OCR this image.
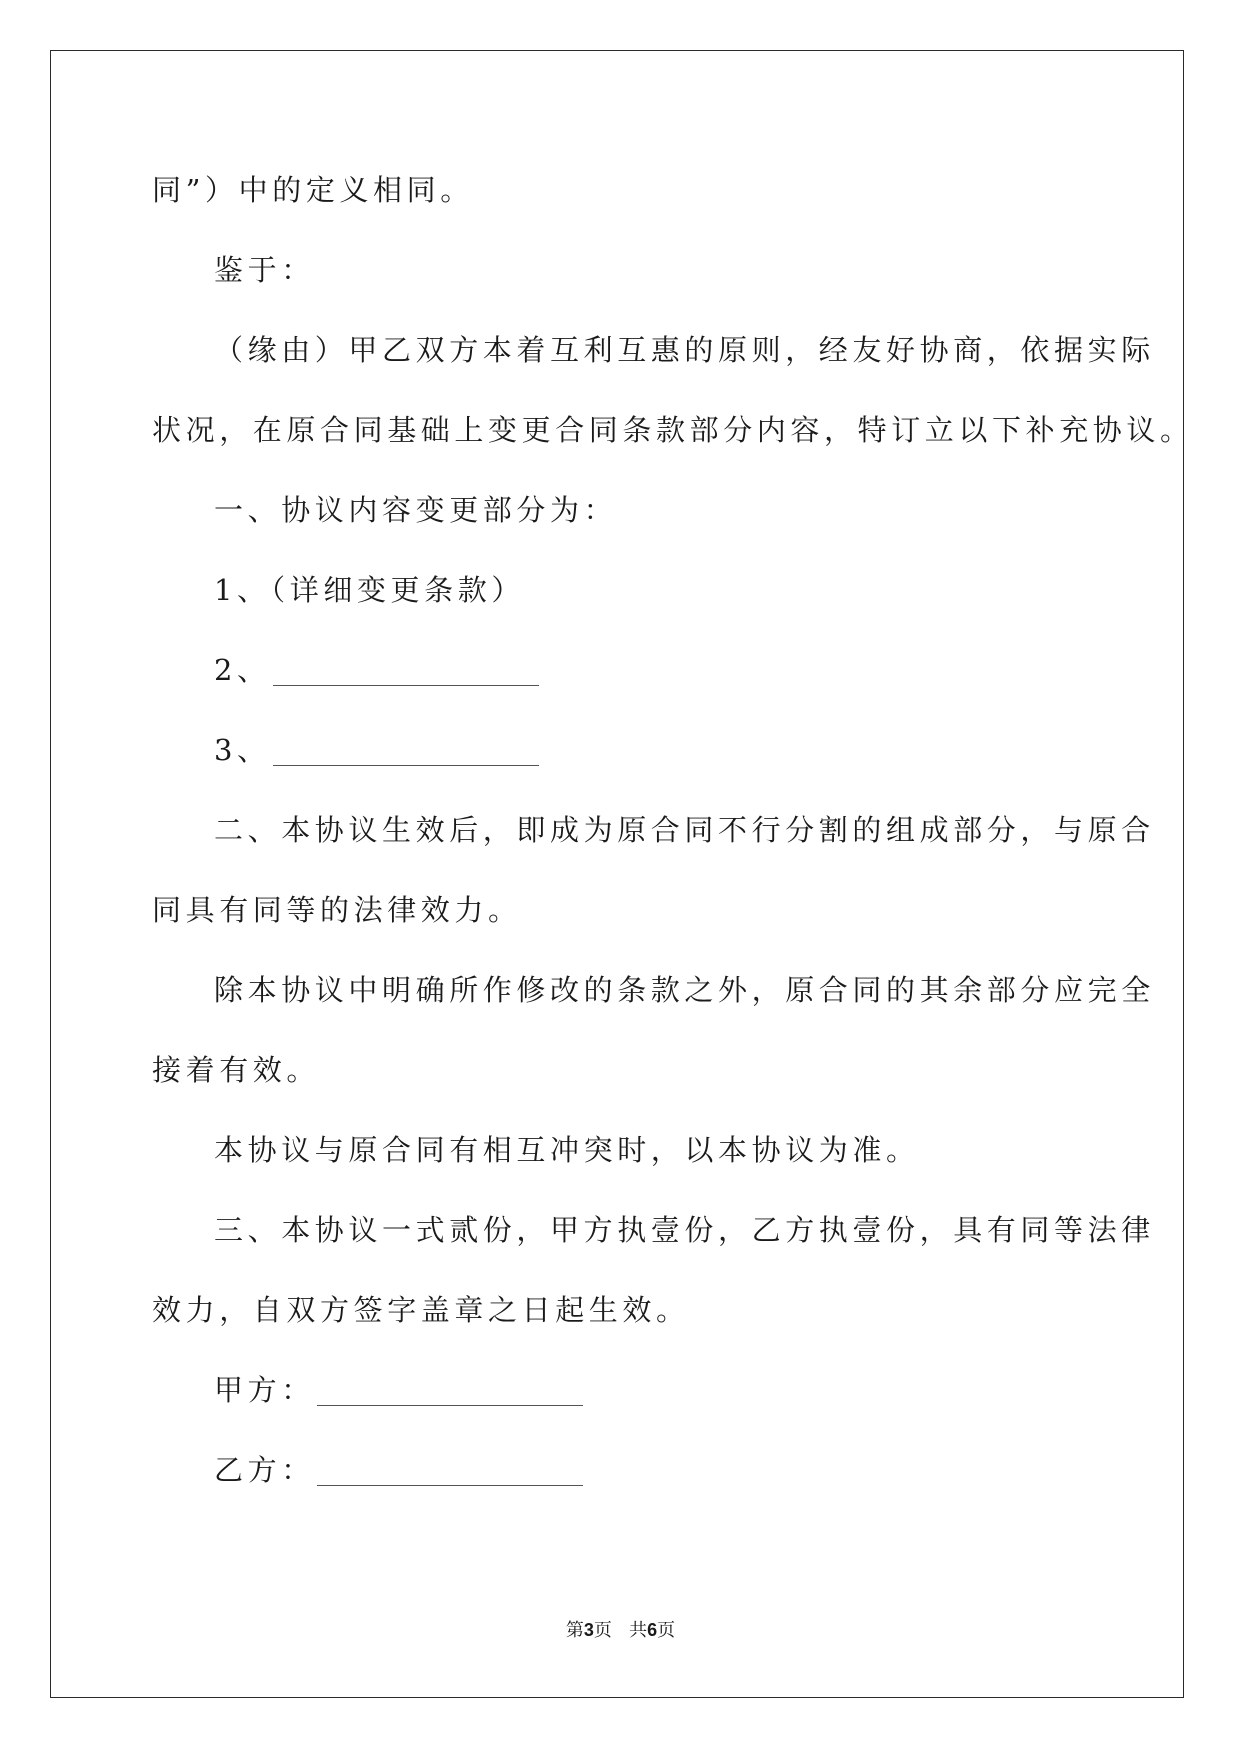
同”）中的定义相同。
鉴于：
（缘由）甲乙双方本着互利互惠的原则，经友好协商，依据实际
状况，在原合同基础上变更合同条款部分内容，特订立以下补充协议。
一、协议内容变更部分为：
1、（详细变更条款）
2、
3、
二、本协议生效后，即成为原合同不行分割的组成部分，与原合
同具有同等的法律效力。
除本协议中明确所作修改的条款之外，原合同的其余部分应完全
接着有效。
本协议与原合同有相互冲突时，以本协议为准。
三、本协议一式贰份，甲方执壹份，乙方执壹份，具有同等法律
效力，自双方签字盖章之日起生效。
甲方：
乙方：
第3页 共6页
